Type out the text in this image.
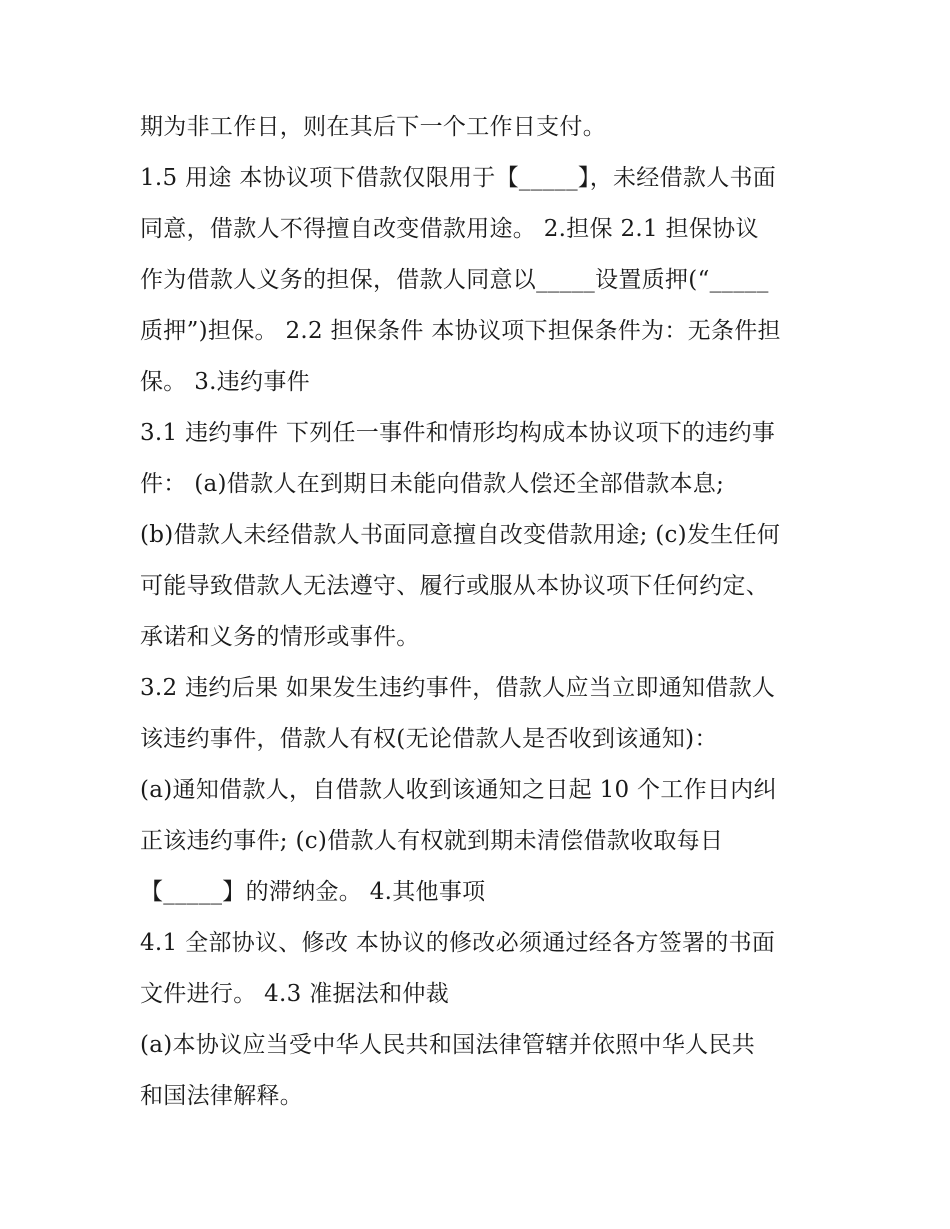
期为非工作日，则在其后下一个工作日支付。
1.5 用途 本协议项下借款仅限用于【_____】，未经借款人书面
同意，借款人不得擅自改变借款用途。 2.担保 2.1 担保协议
作为借款人义务的担保，借款人同意以_____设置质押(“_____
质押”)担保。 2.2 担保条件 本协议项下担保条件为：无条件担
保。 3.违约事件
3.1 违约事件 下列任一事件和情形均构成本协议项下的违约事
件： (a)借款人在到期日未能向借款人偿还全部借款本息;
(b)借款人未经借款人书面同意擅自改变借款用途; (c)发生任何
可能导致借款人无法遵守、履行或服从本协议项下任何约定、
承诺和义务的情形或事件。
3.2 违约后果 如果发生违约事件，借款人应当立即通知借款人
该违约事件，借款人有权(无论借款人是否收到该通知)：
(a)通知借款人，自借款人收到该通知之日起 10 个工作日内纠
正该违约事件; (c)借款人有权就到期未清偿借款收取每日
【_____】的滞纳金。 4.其他事项
4.1 全部协议、修改 本协议的修改必须通过经各方签署的书面
文件进行。 4.3 准据法和仲裁
(a)本协议应当受中华人民共和国法律管辖并依照中华人民共
和国法律解释。
